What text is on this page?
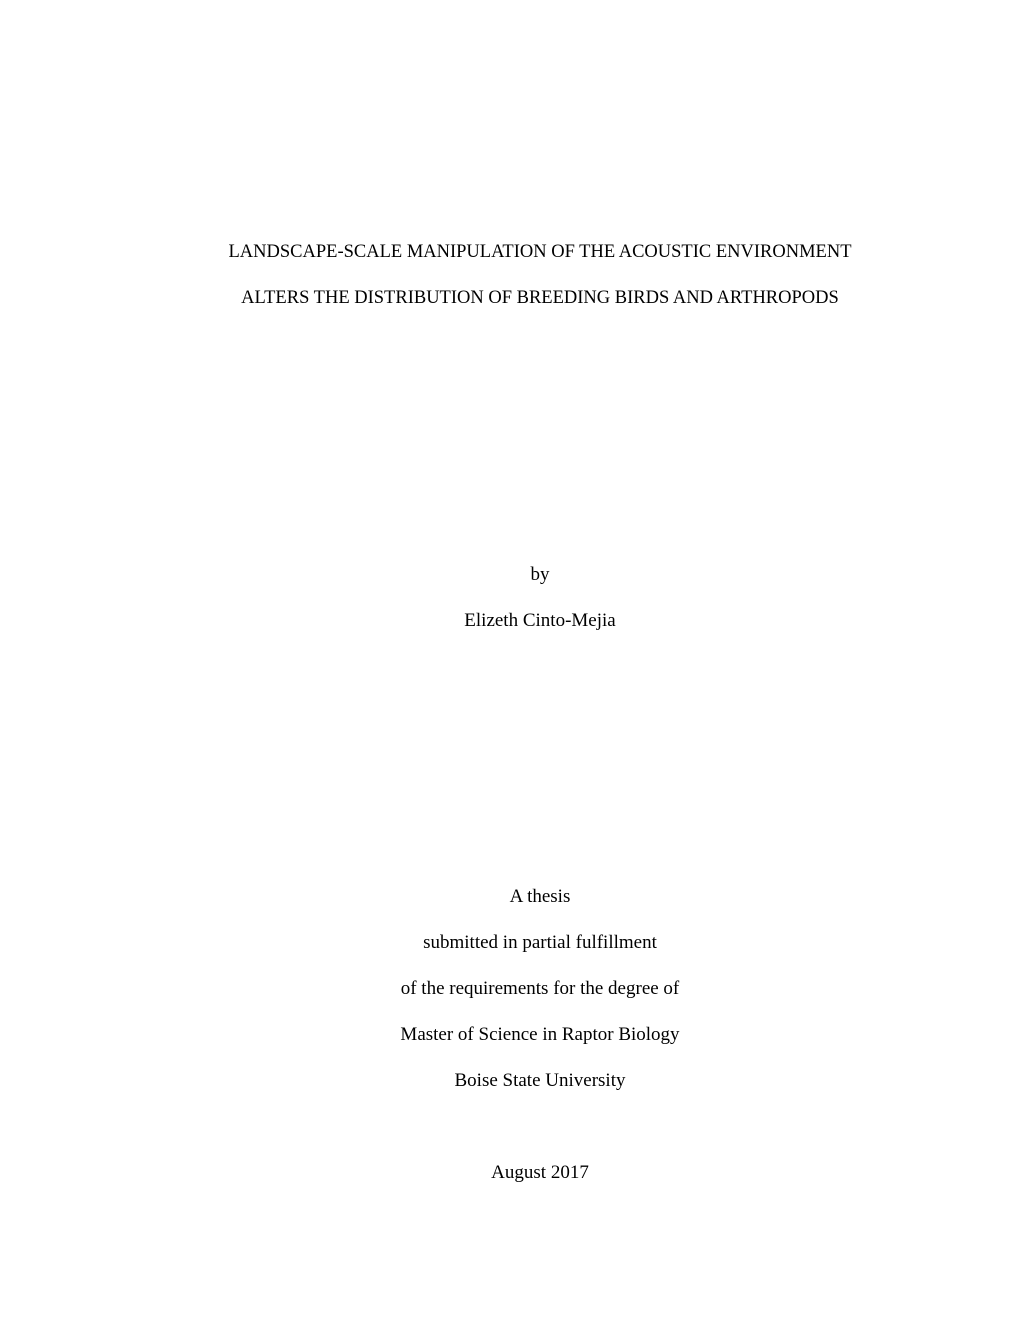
LANDSCAPE-SCALE MANIPULATION OF THE ACOUSTIC ENVIRONMENT
ALTERS THE DISTRIBUTION OF BREEDING BIRDS AND ARTHROPODS
by
Elizeth Cinto-Mejia
A thesis
submitted in partial fulfillment
of the requirements for the degree of
Master of Science in Raptor Biology
Boise State University
August 2017
